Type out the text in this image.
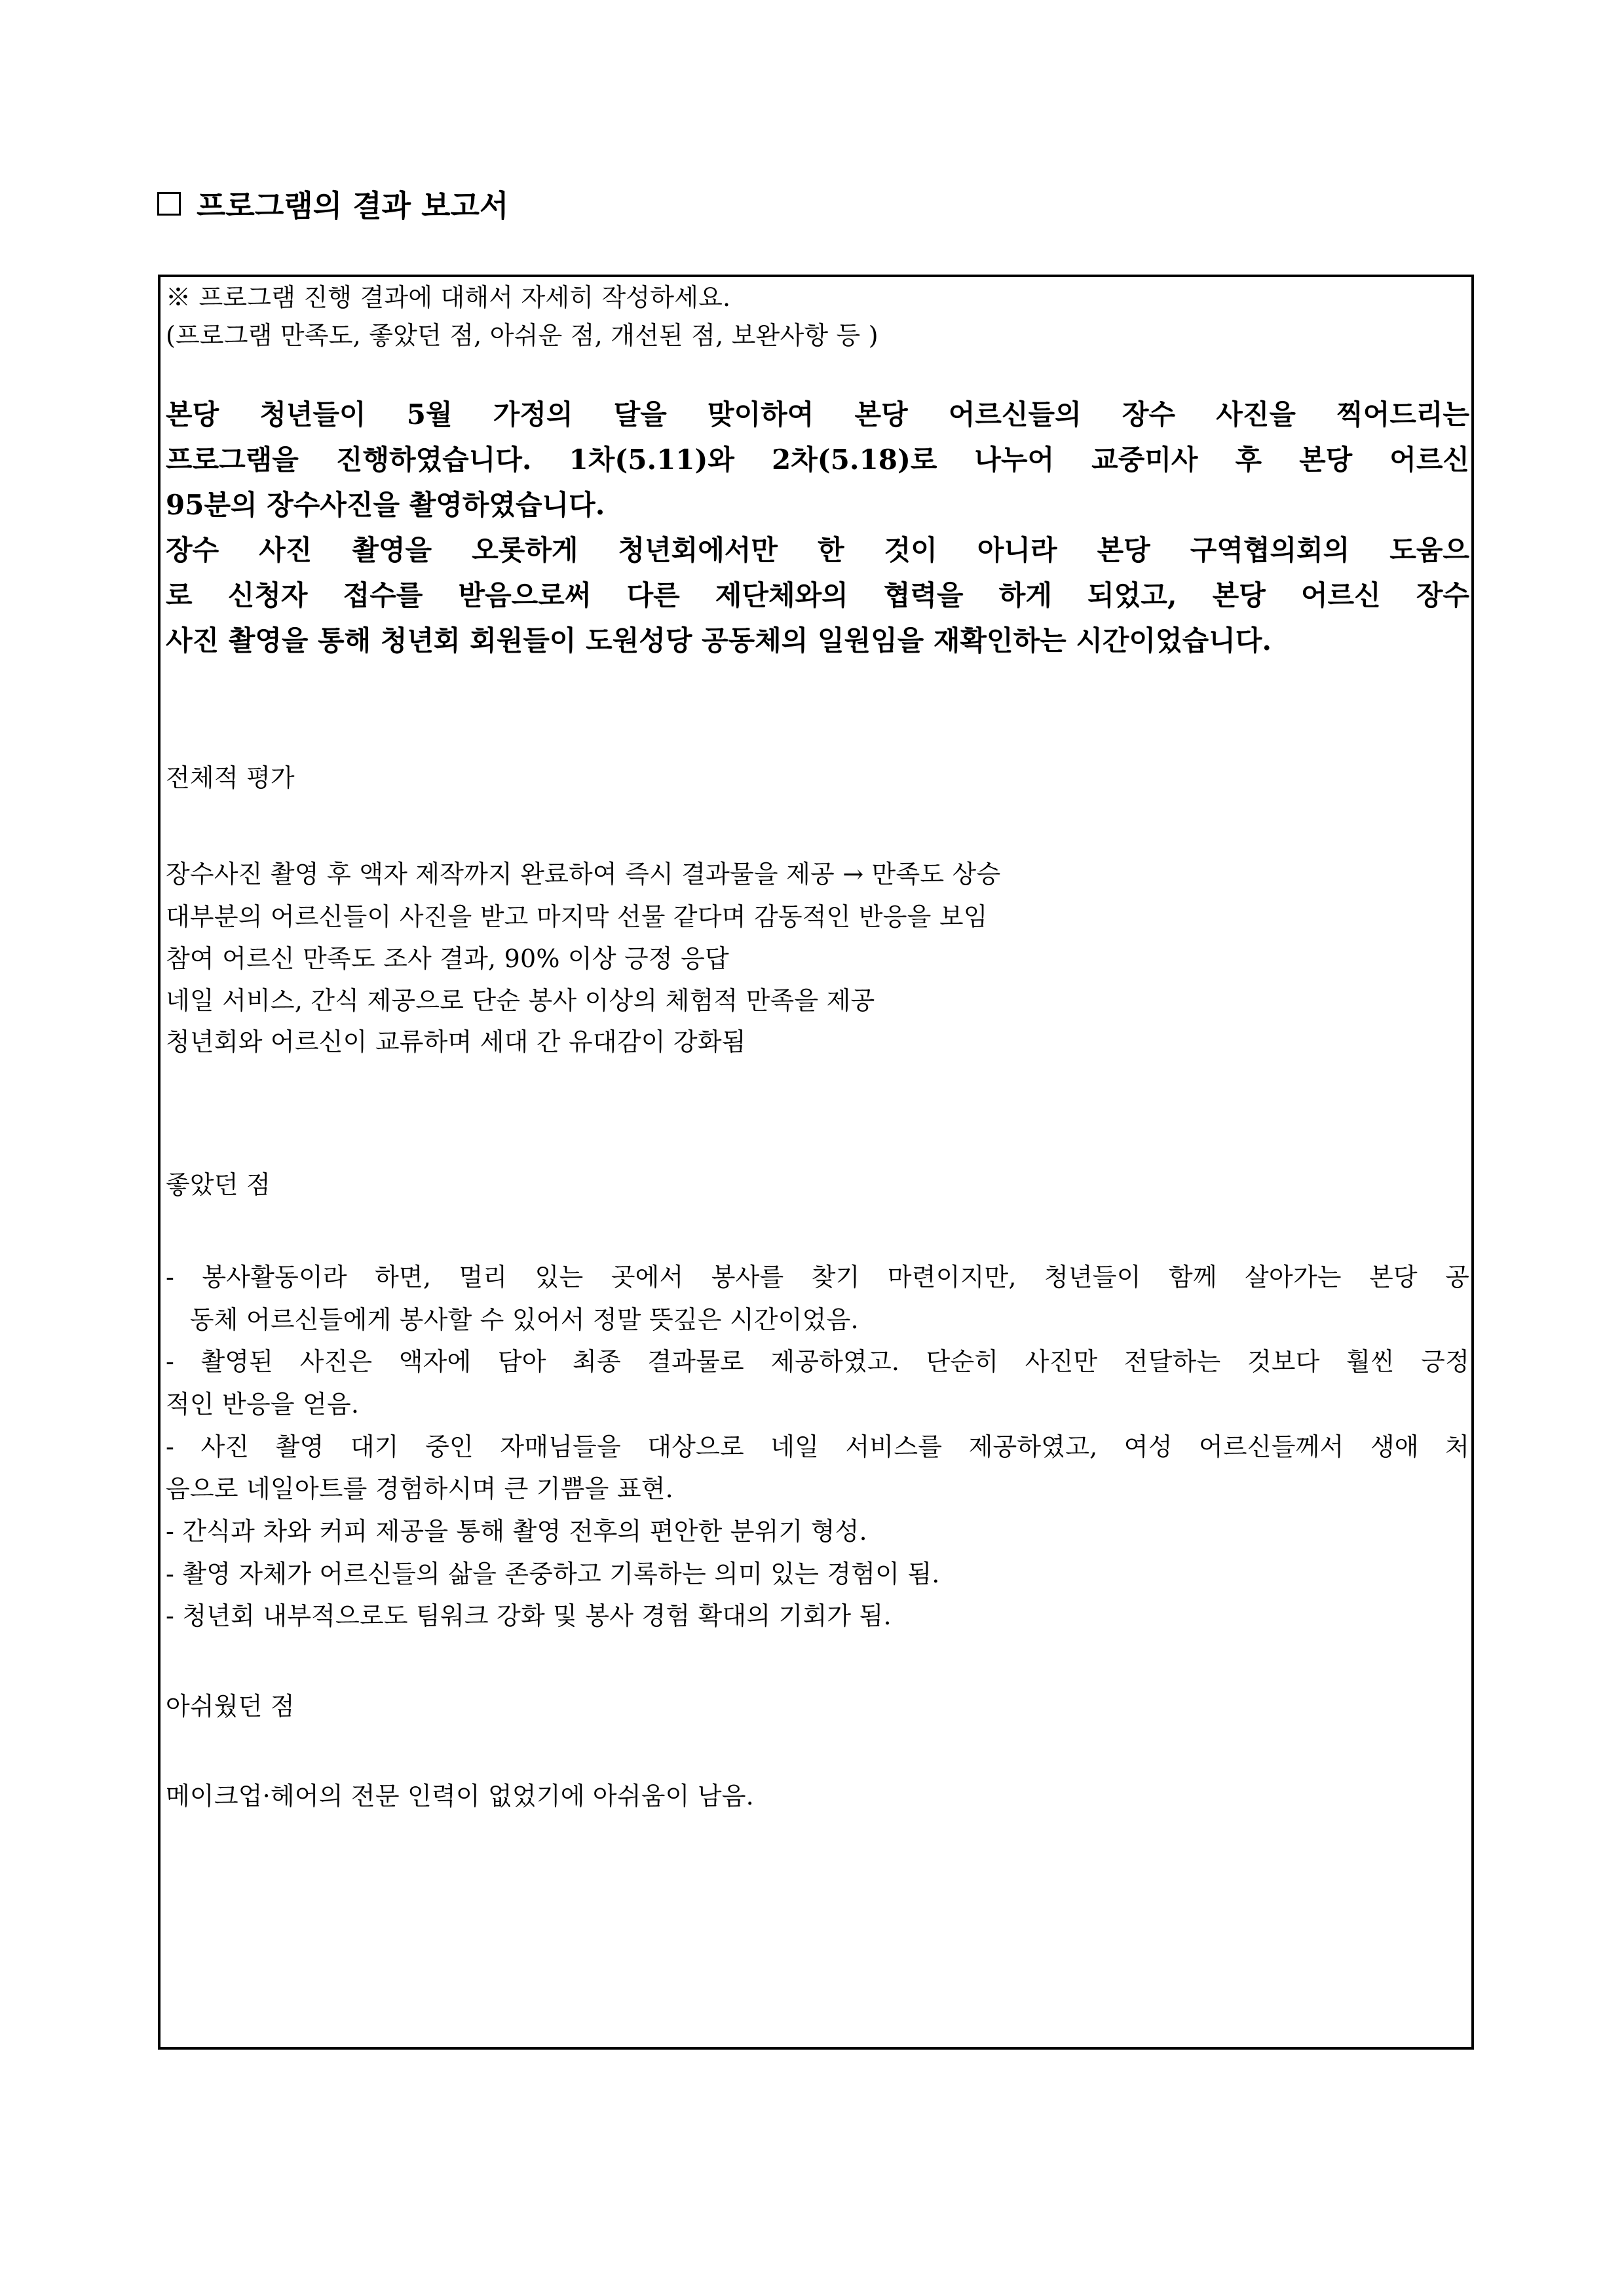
프로그램의 결과 보고서
※ 프로그램 진행 결과에 대해서 자세히 작성하세요.
(프로그램 만족도, 좋았던 점, 아쉬운 점, 개선된 점, 보완사항 등 )
본당 청년들이 5월 가정의 달을 맞이하여 본당 어르신들의 장수 사진을 찍어드리는
프로그램을 진행하였습니다. 1차(5.11)와 2차(5.18)로 나누어 교중미사 후 본당 어르신
95분의 장수사진을 촬영하였습니다.
장수 사진 촬영을 오롯하게 청년회에서만 한 것이 아니라 본당 구역협의회의 도움으
로 신청자 접수를 받음으로써 다른 제단체와의 협력을 하게 되었고, 본당 어르신 장수
사진 촬영을 통해 청년회 회원들이 도원성당 공동체의 일원임을 재확인하는 시간이었습니다.
전체적 평가
장수사진 촬영 후 액자 제작까지 완료하여 즉시 결과물을 제공 → 만족도 상승
대부분의 어르신들이 사진을 받고 마지막 선물 같다며 감동적인 반응을 보임
참여 어르신 만족도 조사 결과, 90% 이상 긍정 응답
네일 서비스, 간식 제공으로 단순 봉사 이상의 체험적 만족을 제공
청년회와 어르신이 교류하며 세대 간 유대감이 강화됨
좋았던 점
- 봉사활동이라 하면, 멀리 있는 곳에서 봉사를 찾기 마련이지만, 청년들이 함께 살아가는 본당 공
동체 어르신들에게 봉사할 수 있어서 정말 뜻깊은 시간이었음.
- 촬영된 사진은 액자에 담아 최종 결과물로 제공하였고. 단순히 사진만 전달하는 것보다 훨씬 긍정
적인 반응을 얻음.
- 사진 촬영 대기 중인 자매님들을 대상으로 네일 서비스를 제공하였고, 여성 어르신들께서 생애 처
음으로 네일아트를 경험하시며 큰 기쁨을 표현.
- 간식과 차와 커피 제공을 통해 촬영 전후의 편안한 분위기 형성.
- 촬영 자체가 어르신들의 삶을 존중하고 기록하는 의미 있는 경험이 됨.
- 청년회 내부적으로도 팀워크 강화 및 봉사 경험 확대의 기회가 됨.
아쉬웠던 점
메이크업·헤어의 전문 인력이 없었기에 아쉬움이 남음.
